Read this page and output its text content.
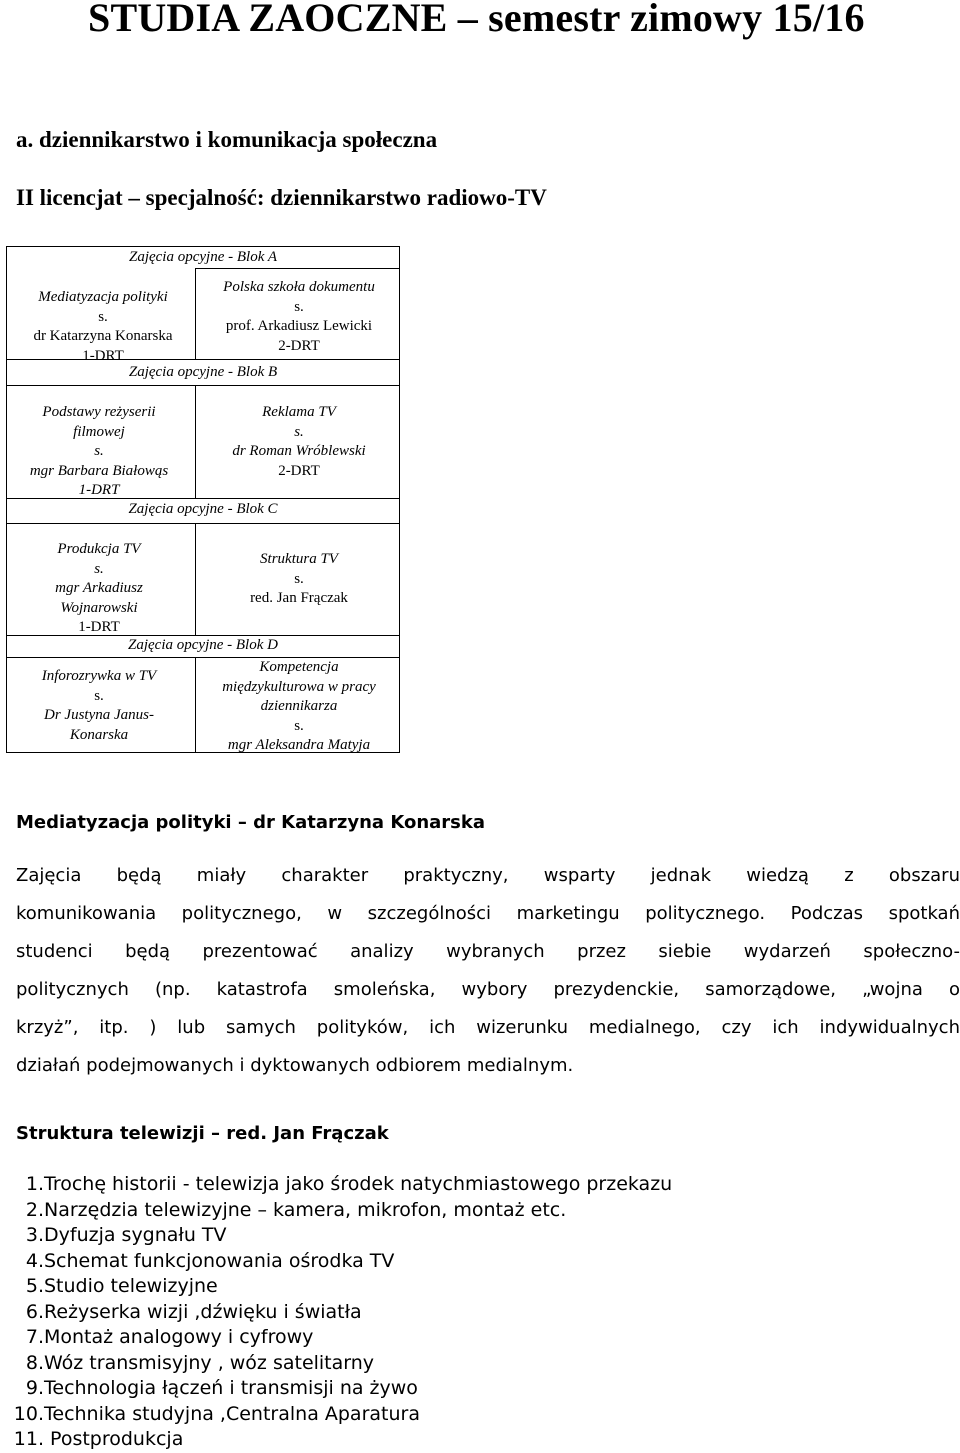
STUDIA ZAOCZNE – semestr zimowy 15/16

a. dziennikarstwo i komunikacja społeczna

II licencjat – specjalność: dziennikarstwo radiowo-TV

Zajęcia opcyjne - Blok A
Mediatyzacja polityki
s.
dr Katarzyna Konarska
1-DRT
Polska szkoła dokumentu
s.
prof. Arkadiusz Lewicki
2-DRT
Zajęcia opcyjne - Blok B
Podstawy reżyserii
filmowej
s.
mgr Barbara Białowąs
1-DRT
Reklama TV
s.
dr Roman Wróblewski
2-DRT
Zajęcia opcyjne - Blok C
Produkcja TV
s.
mgr Arkadiusz
Wojnarowski
1-DRT
Struktura TV
s.
red. Jan Frączak
Zajęcia opcyjne - Blok D
Inforozrywka w TV
s.
Dr Justyna Janus-
Konarska
Kompetencja
międzykulturowa w pracy
dziennikarza
s.
mgr Aleksandra Matyja

Mediatyzacja polityki – dr Katarzyna Konarska

Zajęcia będą miały charakter praktyczny, wsparty jednak wiedzą z obszaru
komunikowania politycznego, w szczególności marketingu politycznego. Podczas spotkań
studenci będą prezentować analizy wybranych przez siebie wydarzeń społeczno-
politycznych (np. katastrofa smoleńska, wybory prezydenckie, samorządowe, „wojna o
krzyż”, itp. ) lub samych polityków, ich wizerunku medialnego, czy ich indywidualnych
działań podejmowanych i dyktowanych odbiorem medialnym.

Struktura telewizji – red. Jan Frączak

1. Trochę historii - telewizja jako środek natychmiastowego przekazu
2. Narzędzia telewizyjne – kamera, mikrofon, montaż etc.
3. Dyfuzja sygnału TV
4. Schemat funkcjonowania ośrodka TV
5. Studio telewizyjne
6. Reżyserka wizji ,dźwięku i światła
7. Montaż analogowy i cyfrowy
8. Wóz transmisyjny , wóz satelitarny
9. Technologia łączeń i transmisji na żywo
10. Technika studyjna ,Centralna Aparatura
11. Postprodukcja
